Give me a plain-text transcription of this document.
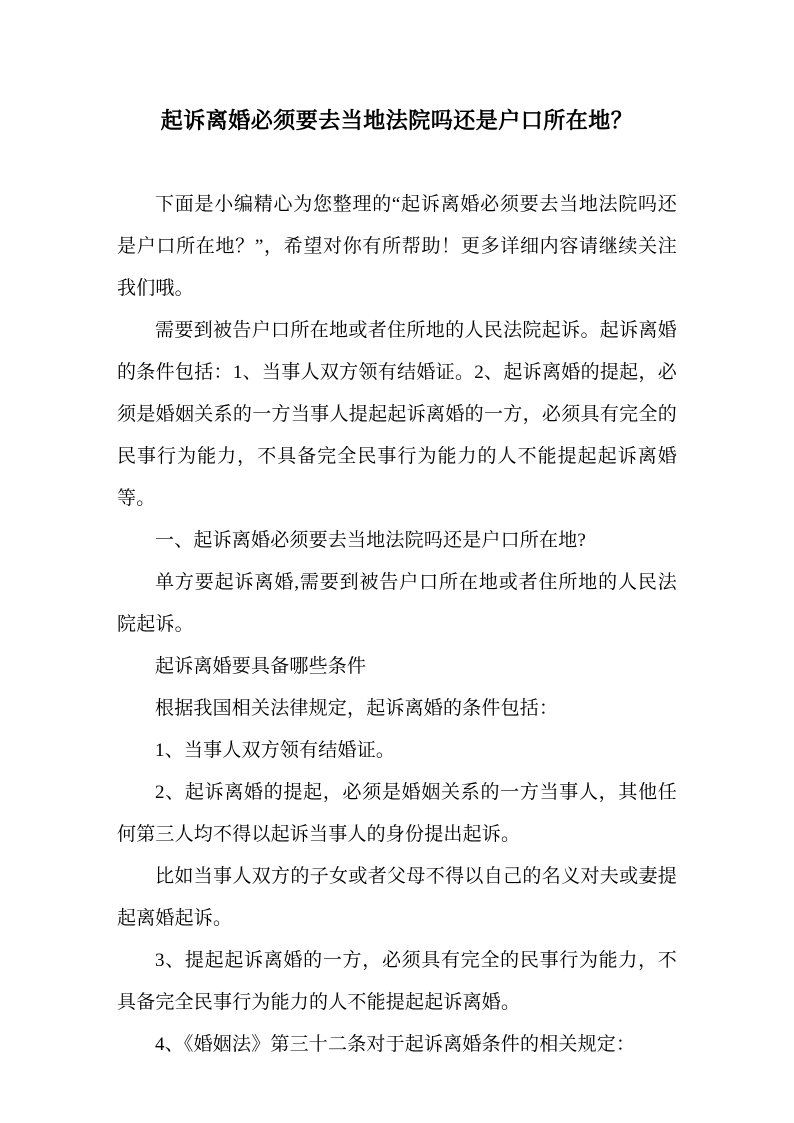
起诉离婚必须要去当地法院吗还是户口所在地？

下面是小编精心为您整理的“起诉离婚必须要去当地法院吗还是户口所在地？”，希望对你有所帮助！更多详细内容请继续关注我们哦。

需要到被告户口所在地或者住所地的人民法院起诉。起诉离婚的条件包括：1、当事人双方领有结婚证。2、起诉离婚的提起，必须是婚姻关系的一方当事人提起起诉离婚的一方，必须具有完全的民事行为能力，不具备完全民事行为能力的人不能提起起诉离婚等。

一、起诉离婚必须要去当地法院吗还是户口所在地?

单方要起诉离婚,需要到被告户口所在地或者住所地的人民法院起诉。

起诉离婚要具备哪些条件

根据我国相关法律规定，起诉离婚的条件包括：

1、当事人双方领有结婚证。

2、起诉离婚的提起，必须是婚姻关系的一方当事人，其他任何第三人均不得以起诉当事人的身份提出起诉。

比如当事人双方的子女或者父母不得以自己的名义对夫或妻提起离婚起诉。

3、提起起诉离婚的一方，必须具有完全的民事行为能力，不具备完全民事行为能力的人不能提起起诉离婚。

4、《婚姻法》第三十二条对于起诉离婚条件的相关规定：
